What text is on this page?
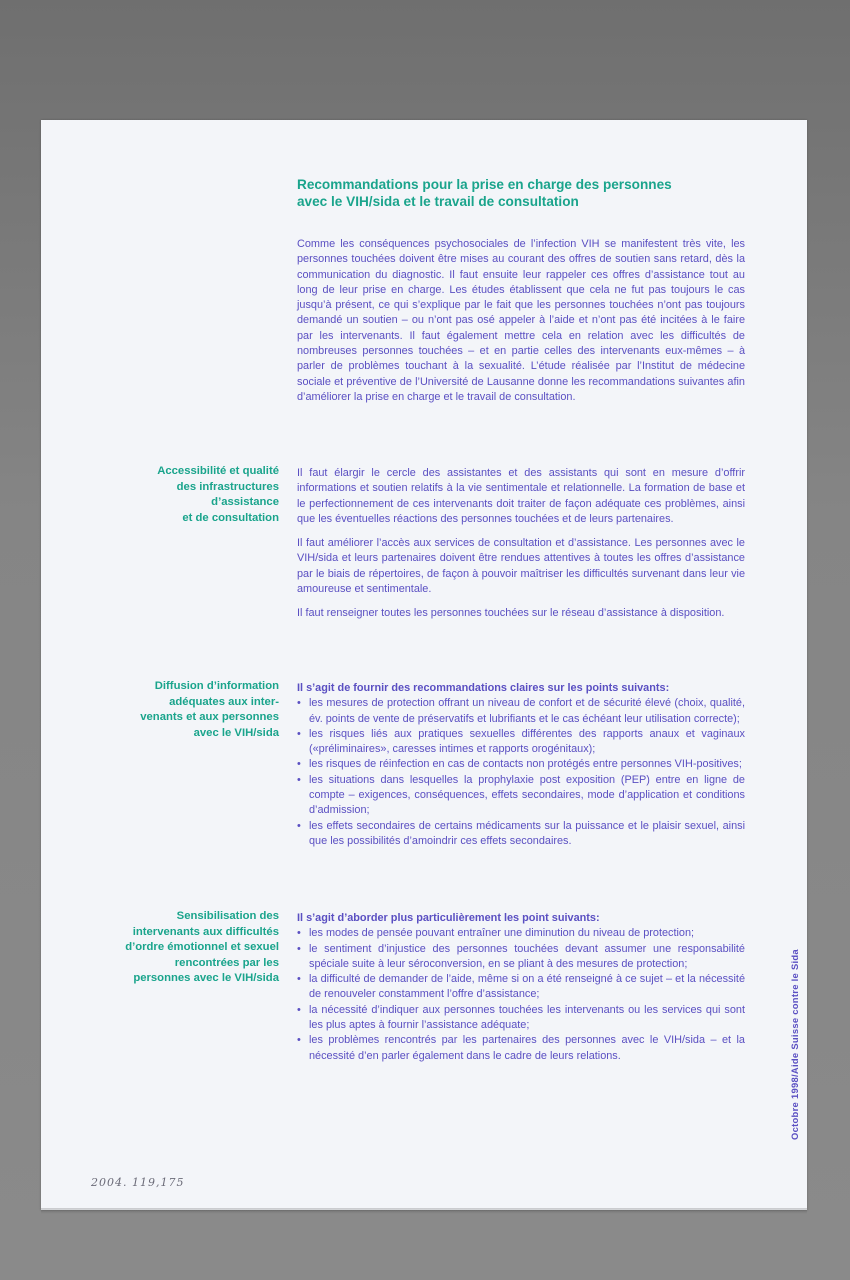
Recommandations pour la prise en charge des personnes
avec le VIH/sida et le travail de consultation

Comme les conséquences psychosociales de l’infection VIH se manifestent très vite, les personnes touchées doivent être mises au courant des offres de soutien sans retard, dès la communication du diagnostic. Il faut ensuite leur rappeler ces offres d’assistance tout au long de leur prise en charge. Les études établissent que cela ne fut pas toujours le cas jusqu’à présent, ce qui s’explique par le fait que les personnes touchées n’ont pas toujours demandé un soutien – ou n’ont pas osé appeler à l’aide et n’ont pas été incitées à le faire par les intervenants. Il faut également mettre cela en relation avec les difficultés de nombreuses personnes touchées – et en partie celles des intervenants eux-mêmes – à parler de problèmes touchant à la sexualité. L’étude réalisée par l’Institut de médecine sociale et préventive de l’Université de Lausanne donne les recommandations suivantes afin d’améliorer la prise en charge et le travail de consultation.

Accessibilité et qualité
des infrastructures
d’assistance
et de consultation

Il faut élargir le cercle des assistantes et des assistants qui sont en mesure d’offrir informations et soutien relatifs à la vie sentimentale et relationnelle. La formation de base et le perfectionnement de ces intervenants doit traiter de façon adéquate ces problèmes, ainsi que les éventuelles réactions des personnes touchées et de leurs partenaires.

Il faut améliorer l’accès aux services de consultation et d’assistance. Les personnes avec le VIH/sida et leurs partenaires doivent être rendues attentives à toutes les offres d’assistance par le biais de répertoires, de façon à pouvoir maîtriser les difficultés survenant dans leur vie amoureuse et sentimentale.

Il faut renseigner toutes les personnes touchées sur le réseau d’assistance à disposition.

Diffusion d’information
adéquates aux inter-
venants et aux personnes
avec le VIH/sida

Il s’agit de fournir des recommandations claires sur les points suivants:

• les mesures de protection offrant un niveau de confort et de sécurité élevé (choix, qualité, év. points de vente de préservatifs et lubrifiants et le cas échéant leur utilisation correcte);
• les risques liés aux pratiques sexuelles différentes des rapports anaux et vaginaux («préliminaires», caresses intimes et rapports orogénitaux);
• les risques de réinfection en cas de contacts non protégés entre personnes VIH-positives;
• les situations dans lesquelles la prophylaxie post exposition (PEP) entre en ligne de compte – exigences, conséquences, effets secondaires, mode d’application et conditions d’admission;
• les effets secondaires de certains médicaments sur la puissance et le plaisir sexuel, ainsi que les possibilités d’amoindrir ces effets secondaires.
Sensibilisation des
intervenants aux difficultés
d’ordre émotionnel et sexuel
rencontrées par les
personnes avec le VIH/sida

Il s’agit d’aborder plus particulièrement les point suivants:

• les modes de pensée pouvant entraîner une diminution du niveau de protection;
• le sentiment d’injustice des personnes touchées devant assumer une responsabilité spéciale suite à leur séroconversion, en se pliant à des mesures de protection;
• la difficulté de demander de l’aide, même si on a été renseigné à ce sujet – et la nécessité de renouveler constamment l’offre d’assistance;
• la nécessité d’indiquer aux personnes touchées les intervenants ou les services qui sont les plus aptes à fournir l’assistance adéquate;
• les problèmes rencontrés par les partenaires des personnes avec le VIH/sida – et la nécessité d’en parler également dans le cadre de leurs relations.	Octobre 1998/Aide Suisse contre le Sida
2004. 119,175
